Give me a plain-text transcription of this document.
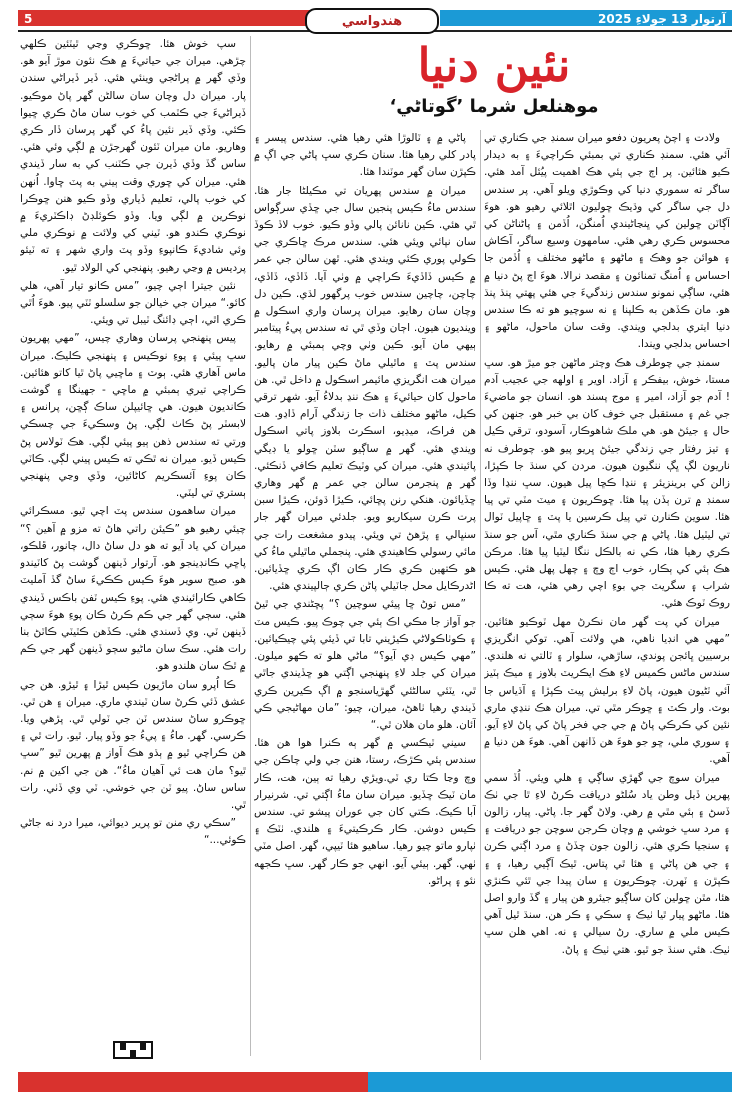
5	آرتوار 13 جولاءِ 2025
هندواسي
نئين دنيا
موهنلعل شرما ’گوتاڻي‘

ولادت ۽ اچڻ پعريون دفعو ميران سمنڊ جي ڪناري تي آئي هئي. سمنڊ ڪناري تي بمبئي ڪراچيءَ ۽ به ديدار ڪيو هئائين. پر اڄ جي ٻئي هڪ اهميت پيُئل آمد هئي. ساگر ته سموري دنيا کي وڪوڙي ويلو آهي. پر سندس دل جي ساگر کي وڌيڪ ڇوليون اٿلائي رهيو هو. هوءَ آڳاٽن ڇولين کي ڀنڃاڻيندي اُمنگن، اُڏمن ۽ پاڻناڻن کي محسوس ڪري رهي هئي. سامهون وسيع ساگر، آڪاش ۽ هوائن جو وهڪ ۽ ماڻهو ۽ ماڻهو مختلف ۽ اُڏمن جا احساس ۽ اُمنگ تمنائون ۽ مقصد نرالا. هوءَ اڄ پڻ دنيا ۾ هئي، ساڳي نمونو سندس زندگيءَ جي هئي پهتي پنڌ پنڌ هو. مان ڪڏهن به ڪلپنا ۽ نه سوچيو هو ته ڪا سندس دنيا ايتري بدلجي ويندي. وقت سان ماحول، ماڻهو ۽ احساس بدلجي ويندا.

سمنڊ جي چوطرف هڪ وچتر ماڻهن جو ميڙ هو. سڀ مستا، خوش، بيفڪر ۽ آزاد. اوير ۽ اولهه جي عجيب آدم ! آدم جو آزاد، امير ۽ موج پسند هو. انسان جو ماضيءَ جي غم ۽ مستقبل جي خوف کان بي خبر هو. جنهن کي حال ۽ جيئڻ هو. هي ملڪ شاهوڪار، آسودو، ترقي ڪيل ۽ تيز رفتار جي زندگي جيئڻ ڀريو پيو هو. چوطرف نه ناريون لڳ ڀڳ ننگيون هيون. مردن کي سنڌ جا ڪپڙا، زالن کي برينزيئر ۽ ننڍا ڪڇا پيل هيون. سڀ ننڍا وڏا سمنڊ ۾ ترن ٻڏن پيا هئا. ڇوڪريون ۽ ميٽ مٽي تي پيا هئا. سوين ڪنارن تي پيل ڪرسين يا پٽ ۽ ڇاپيل ٽوال تي ليٽيل هئا. پاڻي ۾ جي سنڌ ڪناري مٿي، آس جو سنڌ ڪري رهيا هئا، ڪي نه بالڪل ننگا ليٽيا پيا هئا. مرڪن هڪ ٻئي کي ٻڪار، خوب اڄ وچ ۽ چهل پهل هئي. ڪيس شراب ۽ سگريٽ جي بوءِ اچي رهي هئي، هت ته ڪا روڪ ٽوڪ هئي.

ميران کي پت گهر مان نڪرڻ مهل ٽوڪيو هئائين. ”مهي هي انڊيا ناهي، هي ولائت آهي. توکي انگريزي برسيين ڀائجن پوندي، ساڙهي، سلوار ۽ ٽالتي نه هلندي. سندس ماڻس ڪميس لاءِ هڪ ايڪريٽ بلاوز ۽ ميڪ ٻٽيز آئي ٽڻيون هيون، پاڻ لاءِ برليش پيٽ ڪپڙا ۽ آڌياس جا بوٽ. وار ڪٽ ۽ ڇوڪر مٿي تي. ميران هڪ ننڍي ماري نئين کي ڪرڪي پاڻ ۾ جي جي فخر پاڻ کي پاڻ لاءِ آيو. ۽ سوري ملي، ڇو جو هوءَ هن ڏانهن آهي. هوءَ هن دنيا ۾ آهي.

ميران سوچ جي گهڙي ساڳي ۽ هلي ويئي. اُڏ سمي پهرين ڏيل وطن ياد سُلڻو دريافت ڪرڻ لاءِ ٿا جي ٺڪ ڏسڻ ۽ ٻئي مٿي ۾ رهي. ولاڻ گهر جا. پاڻي. پيار، زالون ۽ مرد سڀ خوشي ۾ وچان ڪرجن سوچن جو دريافت ۽ ۽ سنجيا ڪري هئي. زالون جون ڇڏڻ ۽ مرد اڳتي ڪرن ۽ جي هن پاڻي ۽ هئا ٿي پتاس. ٿيڪ آڳيي رهيا، ۽ ۽ ڪپڙن ۽ ٽهرن. چوڪريون ۽ سان پيدا جي ٿئي ڪنڙي هئا، مٿن ڇولين کان ساڳيو جيئرو هن پيار ۽ گڏ وارو اصل هئا. ماڻهو پيار ٿيا ٺيڪ ۽ سڪي ۽ ڪر هن. سنڌ ٿيل آهي ڪيس ملي ۾ ساري. رڻ سيالي ۽ نه. اهي هلن سڀ ٺيڪ. هئي سنڌ جو ٿيو. هتي ٺيڪ ۽ پاڻ.

پاڻي ۾ ۽ ٽالوڙا هئي رهيا هئي. سندس پيسر ۽ پادر کلي رهيا هئا. سنان ڪري سڀ پاڻي جي اڳ ۾ ڪپڙن سان گهر موٽندا هئا.

ميران ۾ سندس پهريان تي مڪيلڻا جار هئا. سندس ماءُ ڪيس پنجين سال جي ڇڏي سرڳواس ٿي هئي. ڪين نانائن پالي وڏو ڪيو. خوب لاڏ ڪوڏ سان نپائي ويئي هئي. سندس مرڪ ڇاڪري جي ڪولي پوري ڪئي ويندي هئي. ٿهن سالن جي عمر ۾ ڪيس ڏاڏيءَ ڪراچي ۾ وٺي آيا. ڏاڏي، ڏاڏي، چاچن، چاچين سندس خوب پرگهور لڌي. ڪين دل وچان سان رهايو. ميران پرسان واري اسڪول ۾ وينديون هيون. اڄان وڏي ٿي ته سندس پيءُ پيتامبر ٻيهي مان آيو. ڪين وٺي وچي ٻمبئي ۾ رهايو. سندس پٽ ۽ ماٿيلي ماڻ ڪين پيار مان پاليو. ميران هت انگريزي مائيمر اسڪول ۾ داخل ٿي. هن ماحول کان حيائيءَ ۽ هڪ ننڍ بدلاءُ آيو. شهر ترقي ڪيل، ماڻهو مختلف ذات جا زندگي آرام ڏاڍو. هت هن فراڪ، ميڊيو، اسڪرٽ بلاوز پاتي اسڪول ويندي هئي. گهر ۾ ساڳيو سٽن ڇولو يا ڊيگي پائيندي هئي. ميران کي وٽيڪ تعليم ڪافي ڏنڪئي. گهر ۾ پنجرمن سالن جي عمر ۾ گهر وهاري ڇڏيائون. هنکي رنن پڇائي، ڪيڙا ڌوئن، ڪيڙا سبن پرت ڪرن سيکاريو ويو. جلدئي ميران گهر جار سنڀالي ۽ پڙهڻ تي ويئي. پيدو مشغعت رات جي مائي رسولي ڪاهيندي هئي. پنجملي ماٿيلي ماءُ کي هو ڪتهين ڪري ڪار ڪان اڳ ڪري ڇڏيائين. اڻدرڪايل محل جاٽيلي پاڻن ڪري ڄالپيندي هئي.

”مس توڻ ڇا پيئي سوچين ؟“ پڇڻندي جي ٿيڻ جو آواز جا مڪي اڪ ٻئي جي چوڪ پيو. ڪيس مٽ ۽ ڪوٺاڪولاڻي ڪيڙيني تابا تي ڏيئي پئي چيڪيائين. ”مهي ڪيس ڊي آيو؟“ ماڻي هلو ته ڪهو ميلون. ميران کي جلد لاءِ پنهنجي اڳتي هو ڇڏيندي جاٿي ٿي، يٽئي سالڻئي گهڙياسنجو ۾ اڳ ڪيرين ڪري ڏيندي رهيا ٺاهڻ، ميران، چيو: ”مان مهاڻيجي ڪي آئان. هلو مان هلان ٿي.“

سيني ٽيڪسي ۾ گهر ٻه ڪنرا هوا هن هئا. سندس ٻئي ڪڙڪ، رستا، هنن جي ولي چاڪن جي وچ وڃا ڪتا ري ٽي.ويڙي رهيا ته ٻين، هت، ڪار مان ٽيڪ ڇڏيو. ميران سان ماءُ اڳتي تي. شرنيرار آبا ڪيڪ. ڪتي کان جي عوران پيشو تي. سندس ڪيس دوشن. ڪار ڪرڪيتيءَ ۽ هلندي. ٺٽڪ ۽ ٺپارو ماتو چيو رهيا. ساهيو هئا ٽيپي، گهر. اصل مٽي ٺهي. گهر. ٻيئي آيو. انهي جو ڪار گهر. سڀ ڪجهه نئو ۽ پراڻو.

سپ خوش هئا. ڇوڪري وڃي ٿيٽئين ڪلهي چڙهي. ميران جي حياتيءَ ۾ هڪ نئون موڙ آيو هو. وڏي گهر ۾ پراڻجي وينئي هئي. ڏير ڏيراڻي سندن پار. ميران دل وچان سان سالڻن گهر پاڻ موڪيو. ڏيراڻيءَ جي ڪٽمب کي خوب سان ماڻ ڪري ڇيوا ڪئي. وڏي ڏير نئين پاءُ کي گهر پرسان ڏار ڪري وهاريو. مان ميران ٽئون گهرجڙن ۾ لڳي وئي هئي. ساس گڏ وڏي ڏيرن جي ڪٽنب کي به سار ڏيندي هئي. ميران کي ڇوري وقت ٻيني به پٽ ڇاوا. اُنهن کي خوب پالي، تعليم ڏياري وڏو ڪيو هنن ڇوڪرا نوڪرين ۾ لڳي ويا. وڏو ڪوئلڊڻ ڊاڪٽريءَ ۾ نوڪري ڪندو هو. ٽيني کي ولائت ۾ نوڪري ملي وئي شاديءَ ڪانپوءِ وڏو پٽ واري شهر ۽ ته ٽيئو پرديس ۾ وڃي رهيو. پنهنجي کي الولاد ٿيو.

نئين جيترا اڄي چيو، ”مس ڪانو تيار آهي، هلي کائو.“ ميران جي خيالن جو سلسلو ٽٽي پيو. هوءَ اُٿي ڪري اٿي، اڄي ڊائنگ ٽيبل تي ويئي.

پيس پنهنجي پرسان وهاري چيس، ”مهي پهريون سڀ پيئي ۽ پوءِ نوڪيس ۽ پنهنجي ڪليڪ. ميران ماس آهاري هئي. ٻوٽ ۽ ماڇيي پاڻ ٿيا کاتو هئائين. ڪراچي تيري ٻمبئي ۾ ماڇي - جهينگا ۽ گوشت ڪانديون هيون. هي ڇائيپلن ساڪ ڳڇن، پرانس ۽ لابسٽر پڻ ڪاٺ لڳي. پڻ وسڪيءَ جي چسڪي ورتي ته سندس ذهن ٻيو پيئي لڳي. هڪ ٽولاس پڻ ڪيس ڏيو. ميران نه ٿڪي ته ڪيس پيني لڳي. ڪاٽي ڪان پوءِ آئسڪريم کاڻائين، وڏي وڃي پنهنجي ٻستري تي ليٽي.

ميران ساهمون سندس پٽ اچي ٿيو. مسڪرائي چيئي رهيو هو ”ڪيئن راتي هاڻ ته مزو ۾ آهين ؟“ ميران کي ياد آيو ته هو دل ساڻ دال، چانور، ڦلڪو، پاڇي ڪانڊينجو هو. آرتوار ڏينهن گوشت پڻ کاٽيندو هو. صبح سوير هوءَ ڪيس ڪڪيءَ ساڻ گڏ آمليٽ ڪاهي ڪارائيندي هئي. پوءِ ڪيس ٽفن باڪس ڏيندي هئي. سڄي گهر جي ڪم ڪرڻ ڪان پوءِ هوءَ سڄي ڏينهن ٽي. وي ڏسندي هئي. ڪڏهن ڪٽيٽي ڪاٽڻ بنا رات هئي. سڪ سان ماڻيو سڄو ڏينهن گهر جي ڪم ۾ ٿڪ سان هلندو هو.

ڪا اُپرو سان ماڙيون ڪيس ٿيڙا ۽ ٿيڙو. هن جي عشق ڏئي ڪرڻ سان ٽيندي ماري. ميران ۽ هن ٿي. ڇوڪرو ساڻ سندس ٽن جي ٽولي ٿي. پڙهي ويا. ڪرسي. گهر. ماءُ ۽ پيءُ جو وڏو پيار. ٿيو. رات ٿي ۽ هن ڪراچي ٿيو ۾ ٻڌو هڪ آواز ۾ پهرين ٿيو ”سڀ ٿيو؟ مان هت ئي آهيان ماءُ“. هن جي اکين ۾ نم. ساس ساڻ. پيو ٽن جي خوشي. ٽي وي ڏٺي. رات ٿي.

”سڪي ري منن تو پرير ديوائي، ميرا درد نه جاڻي ڪوئي...“
